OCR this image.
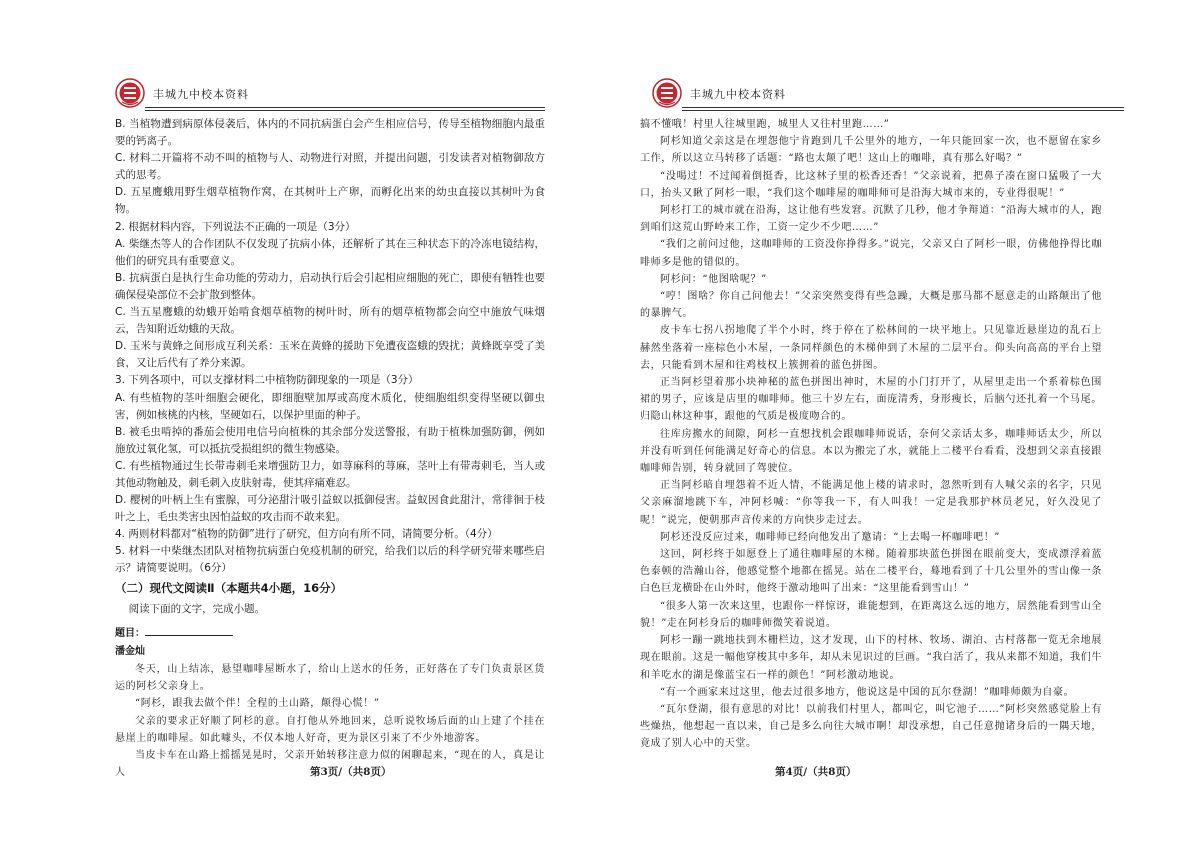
丰城九中校本资料

B. 当植物遭到病原体侵袭后，体内的不同抗病蛋白会产生相应信号，传导至植物细胞内最重要的钙离子。

C. 材料二开篇将不动不叫的植物与人、动物进行对照，并提出问题，引发读者对植物御敌方式的思考。

D. 五星鹰蛾用野生烟草植物作窝，在其树叶上产卵，而孵化出来的幼虫直接以其树叶为食物。

2. 根据材料内容，下列说法不正确的一项是（3分）

A. 柴继杰等人的合作团队不仅发现了抗病小体，还解析了其在三种状态下的冷冻电镜结构，他们的研究具有重要意义。

B. 抗病蛋白是执行生命功能的劳动力，启动执行后会引起相应细胞的死亡，即使有牺牲也要确保侵染部位不会扩散到整体。

C. 当五星鹰蛾的幼蛾开始啃食烟草植物的树叶时，所有的烟草植物都会向空中施放气味烟云，告知附近幼蛾的天敌。

D. 玉米与黄蜂之间形成互利关系：玉米在黄蜂的援助下免遭夜盗蛾的毁扰；黄蜂既享受了美食，又让后代有了养分来源。

3. 下列各项中，可以支撑材料二中植物防御现象的一项是（3分）

A. 有些植物的茎叶细胞会硬化，即细胞壁加厚或高度木质化，使细胞组织变得坚硬以御虫害，例如核桃的内核，坚硬如石，以保护里面的种子。

B. 被毛虫啃掉的番茄会使用电信号向植株的其余部分发送警报，有助于植株加强防御，例如施放过氧化氢，可以抵抗受损组织的微生物感染。

C. 有些植物通过生长带毒刺毛来增强防卫力，如荨麻科的荨麻，茎叶上有带毒刺毛，当人或其他动物触及，刺毛刺入皮肤射毒，使其痒痛难忍。

D. 樱树的叶柄上生有蜜腺，可分泌甜汁吸引益蚁以抵御侵害。益蚁因食此甜汁，常徘徊于枝叶之上，毛虫类害虫因怕益蚁的攻击而不敢来犯。

4. 两则材料都对“植物的防御”进行了研究，但方向有所不同，请简要分析。（4分）

5. 材料一中柴继杰团队对植物抗病蛋白免疫机制的研究，给我们以后的科学研究带来哪些启示？请简要说明。（6分）

（二）现代文阅读Ⅱ（本题共4小题，16分）

阅读下面的文字，完成小题。

题目：

潘金灿

冬天，山上结冻，悬望咖啡屋断水了，给山上送水的任务，正好落在了专门负责景区货运的阿杉父亲身上。

“阿杉，跟我去做个伴！全程的土山路，颠得心慌！”

父亲的要求正好顺了阿杉的意。自打他从外地回来，总听说牧场后面的山上建了个挂在悬崖上的咖啡屋。如此噱头，不仅本地人好奇，更为景区引来了不少外地游客。

当皮卡车在山路上摇摇晃晃时，父亲开始转移注意力似的闲聊起来，“现在的人，真是让人	第3页/（共8页）
丰城九中校本资料

搞不懂哦！村里人往城里跑，城里人又往村里跑……”

阿杉知道父亲这是在埋怨他宁肯跑到几千公里外的地方，一年只能回家一次，也不愿留在家乡工作，所以这立马转移了话题：“路也太颠了吧！这山上的咖啡，真有那么好喝？”

“没喝过！不过闻着倒挺香，比这林子里的松香还香！”父亲说着，把鼻子凑在窗口猛吸了一大口，抬头又瞅了阿杉一眼，“我们这个咖啡屋的咖啡师可是沿海大城市来的，专业得很呢！”

阿杉打工的城市就在沿海，这让他有些发窘。沉默了几秒，他才争辩道：“沿海大城市的人，跑到咱们这荒山野岭来工作，工资一定少不少吧……”

“我们之前问过他，这咖啡师的工资没你挣得多。”说完，父亲又白了阿杉一眼，仿佛他挣得比咖啡师多是他的错似的。

阿杉问：“他图啥呢？”

“哼！图啥？你自己问他去！”父亲突然变得有些急躁，大概是那马都不愿意走的山路颠出了他的暴脾气。

皮卡车七拐八拐地爬了半个小时，终于停在了松林间的一块平地上。只见靠近悬崖边的乱石上赫然坐落着一座棕色小木屋，一条同样颜色的木梯伸到了木屋的二层平台。仰头向高高的平台上望去，只能看到木屋和往鸡枝权上簇拥着的蓝色拼图。

正当阿杉望着那小块神秘的蓝色拼图出神时，木屋的小门打开了，从屋里走出一个系着棕色围裙的男子，应该是店里的咖啡师。他三十岁左右，面庞清秀，身形瘦长，后脑勺还扎着一个马尾。归隐山林这种事，跟他的气质是极度吻合的。

往库房搬水的间隙，阿杉一直想找机会跟咖啡师说话，奈何父亲话太多，咖啡师话太少，所以并没有听到任何能满足好奇心的信息。本以为搬完了水，就能上二楼平台看看，没想到父亲直接跟咖啡师告别，转身就回了驾驶位。

正当阿杉暗自埋怨着不近人情，不能满足他上楼的请求时，忽然听到有人喊父亲的名字，只见父亲麻溜地跳下车，冲阿杉喊：“你等我一下，有人叫我！一定是我那护林员老兄，好久没见了呢！”说完，便朝那声音传来的方向快步走过去。

阿杉还没反应过来，咖啡师已经向他发出了邀请：“上去喝一杯咖啡吧！”

这回，阿杉终于如愿登上了通往咖啡屋的木梯。随着那块蓝色拼图在眼前变大，变成漂浮着蓝色泰顿的浩瀚山谷，他感觉整个地都在摇晃。站在二楼平台，蓦地看到了十几公里外的雪山像一条白色巨龙横卧在山外时，他终于激动地叫了出来：“这里能看到雪山！”

“很多人第一次来这里，也跟你一样惊讶，谁能想到，在距离这么远的地方，居然能看到雪山全貌！”走在阿杉身后的咖啡师微笑着说道。

阿杉一蹦一跳地扶到木栅栏边，这才发现，山下的村林、牧场、湖泊、古村落都一览无余地展现在眼前。这是一幅他穿梭其中多年，却从未见识过的巨画。“我白活了，我从来都不知道，我们牛和羊吃水的湖是像蓝宝石一样的颜色！”阿杉激动地说。

“有一个画家来过这里，他去过很多地方，他说这是中国的瓦尔登湖！”咖啡师颇为自豪。

“瓦尔登湖，很有意思的对比！以前我们村里人，都叫它，叫它池子……”阿杉突然感觉脸上有些燥热，他想起一直以来，自己是多么向往大城市啊！却没承想，自己任意抛诸身后的一隅天地，竟成了别人心中的天堂。

第4页/（共8页）
